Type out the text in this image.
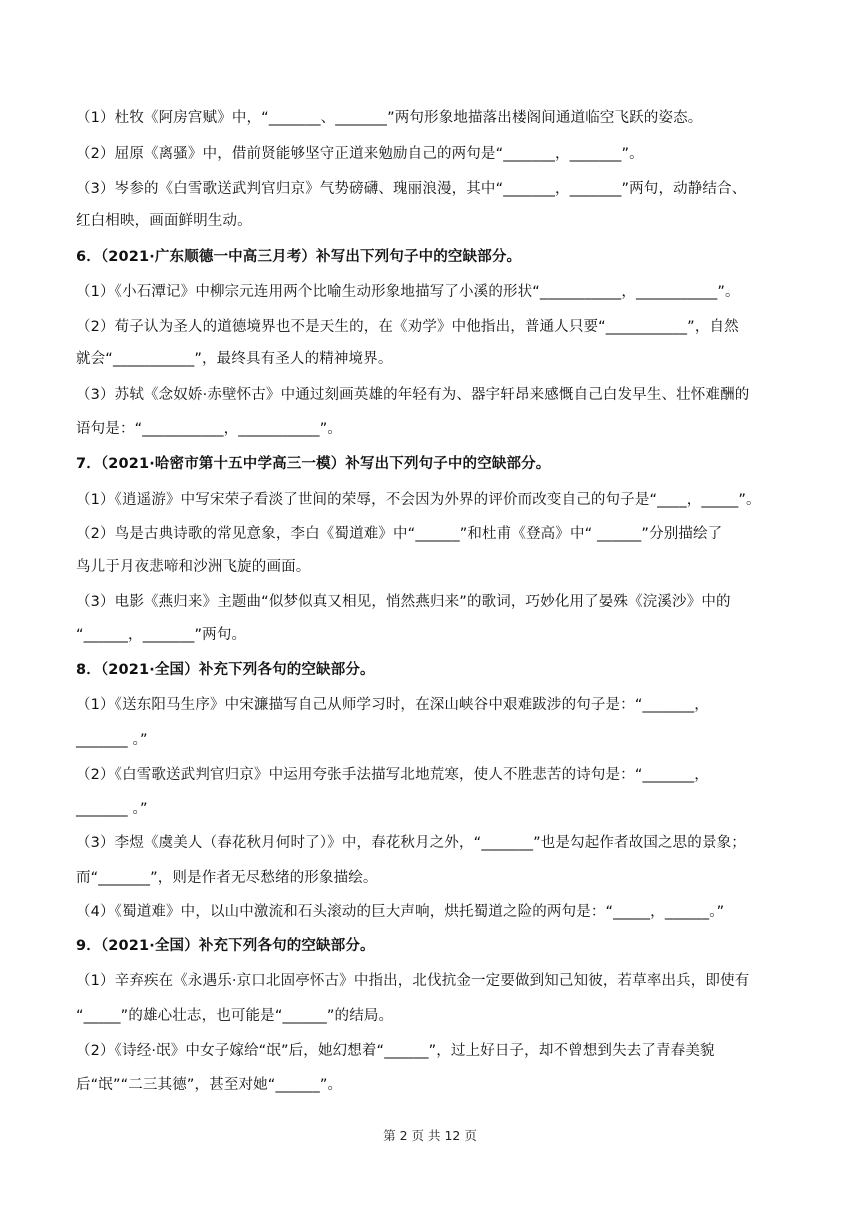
（1）杜牧《阿房宫赋》中，“_______、_______”两句形象地描落出楼阁间通道临空飞跃的姿态。
（2）屈原《离骚》中，借前贤能够坚守正道来勉励自己的两句是“_______，_______”。
（3）岑参的《白雪歌送武判官归京》气势磅礴、瑰丽浪漫，其中“_______，_______”两句，动静结合、
红白相映，画面鲜明生动。
6．（2021·广东顺德一中高三月考）补写出下列句子中的空缺部分。
（1）《小石潭记》中柳宗元连用两个比喻生动形象地描写了小溪的形状“___________，___________”。
（2）荀子认为圣人的道德境界也不是天生的，在《劝学》中他指出，普通人只要“___________”，自然
就会“___________”，最终具有圣人的精神境界。
（3）苏轼《念奴娇·赤壁怀古》中通过刻画英雄的年轻有为、器宇轩昂来感慨自己白发早生、壮怀难酬的
语句是：“___________，___________”。
7．（2021·哈密市第十五中学高三一模）补写出下列句子中的空缺部分。
（1）《逍遥游》中写宋荣子看淡了世间的荣辱，不会因为外界的评价而改变自己的句子是“____，_____”。
（2）鸟是古典诗歌的常见意象，李白《蜀道难》中“______”和杜甫《登高》中“ ______”分别描绘了
鸟儿于月夜悲啼和沙洲飞旋的画面。
（3）电影《燕归来》主题曲“似梦似真又相见，悄然燕归来”的歌词，巧妙化用了晏殊《浣溪沙》中的
“______，_______”两句。
8．（2021·全国）补充下列各句的空缺部分。
（1）《送东阳马生序》中宋濂描写自己从师学习时，在深山峡谷中艰难跋涉的句子是：“_______，
_______ 。”
（2）《白雪歌送武判官归京》中运用夸张手法描写北地荒寒，使人不胜悲苦的诗句是：“_______，
_______ 。”
（3）李煜《虞美人（春花秋月何时了）》中，春花秋月之外，“_______”也是勾起作者故国之思的景象；
而“_______”，则是作者无尽愁绪的形象描绘。
（4）《蜀道难》中，以山中激流和石头滚动的巨大声响，烘托蜀道之险的两句是：“_____，______。”
9．（2021·全国）补充下列各句的空缺部分。
（1）辛弃疾在《永遇乐·京口北固亭怀古》中指出，北伐抗金一定要做到知己知彼，若草率出兵，即使有
“_____”的雄心壮志，也可能是“______”的结局。
（2）《诗经·氓》中女子嫁给“氓”后，她幻想着“______”，过上好日子，却不曾想到失去了青春美貌
后“氓”“二三其德”，甚至对她“______”。
第 2 页 共 12 页
